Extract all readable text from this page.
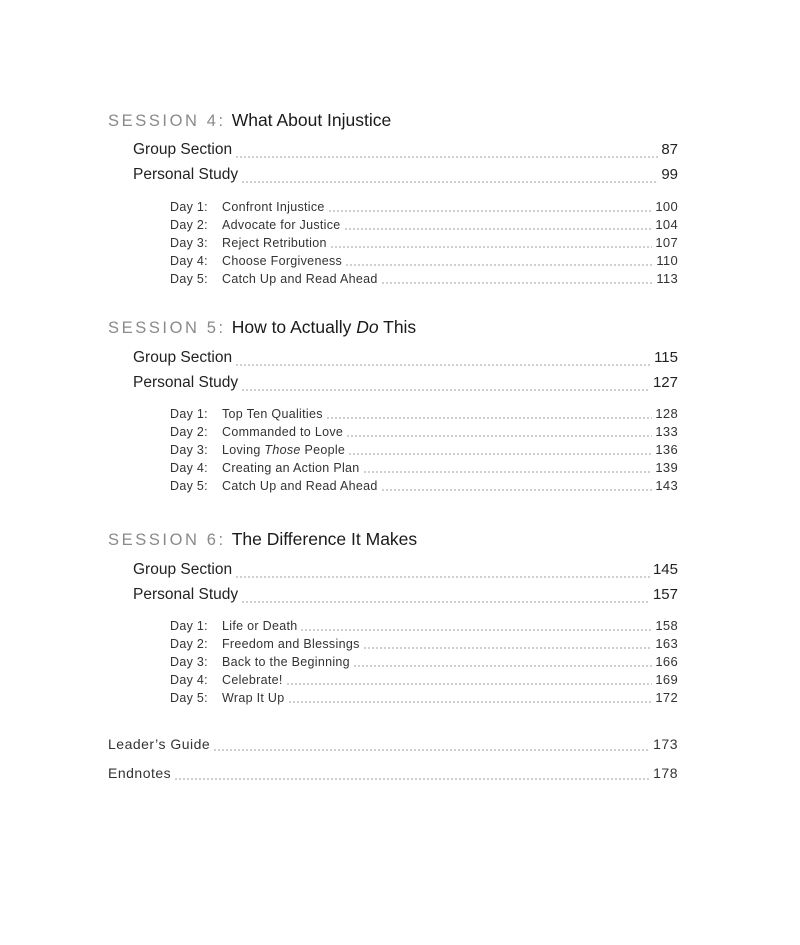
SESSION 4: What About Injustice
Group Section	87
Personal Study	99
Day 1:	Confront Injustice	100
Day 2:	Advocate for Justice	104
Day 3:	Reject Retribution	107
Day 4:	Choose Forgiveness	110
Day 5:	Catch Up and Read Ahead	113
SESSION 5: How to Actually Do This
Group Section	115
Personal Study	127
Day 1:	Top Ten Qualities	128
Day 2:	Commanded to Love	133
Day 3:	Loving Those People	136
Day 4:	Creating an Action Plan	139
Day 5:	Catch Up and Read Ahead	143
SESSION 6: The Difference It Makes
Group Section	145
Personal Study	157
Day 1:	Life or Death	158
Day 2:	Freedom and Blessings	163
Day 3:	Back to the Beginning	166
Day 4:	Celebrate!	169
Day 5:	Wrap It Up	172
Leader’s Guide	173
Endnotes	178
